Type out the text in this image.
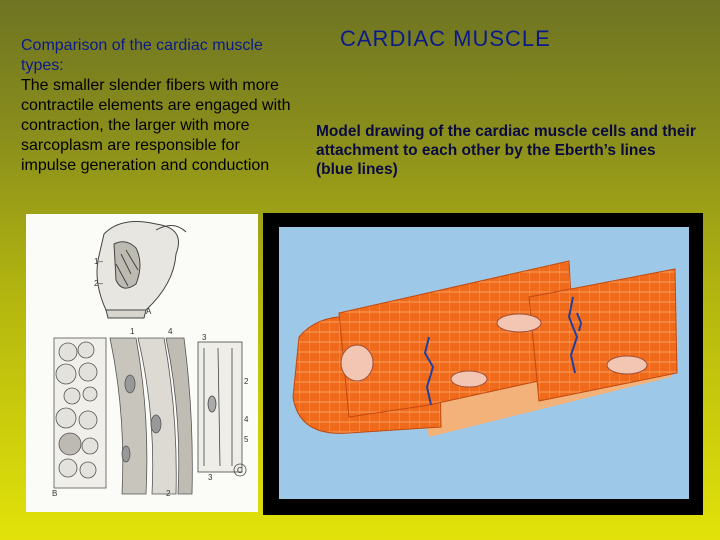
Comparison of the cardiac muscle types:
The smaller slender fibers with more contractile elements are engaged with contraction, the larger with more sarcoplasm are responsible for impulse generation and conduction
CARDIAC MUSCLE
Model drawing of the cardiac muscle cells and their attachment to each other by the Eberth’s lines (blue lines)
1–
2–
A
B
1	4
3
2
4
5
3
2
C
